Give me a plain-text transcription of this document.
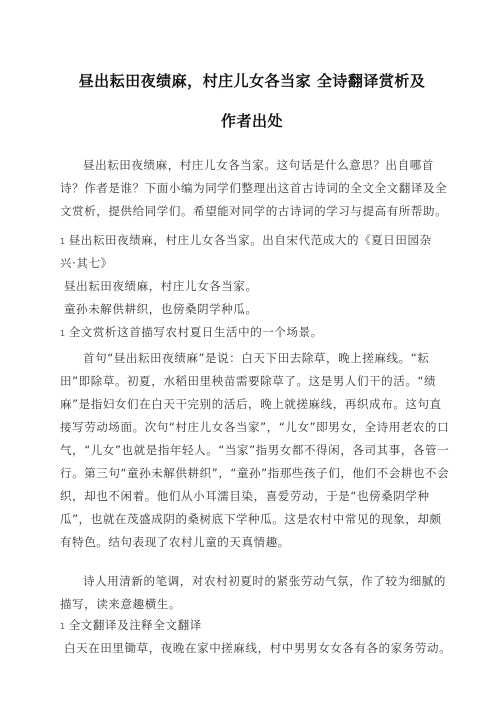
昼出耘田夜绩麻，村庄儿女各当家 全诗翻译赏析及
作者出处
昼出耘田夜绩麻，村庄儿女各当家。这句话是什么意思？出自哪首诗？作者是谁？下面小编为同学们整理出这首古诗词的全文全文翻译及全文赏析，提供给同学们。希望能对同学的古诗词的学习与提高有所帮助。
1 昼出耘田夜绩麻，村庄儿女各当家。出自宋代范成大的《夏日田园杂
兴·其七》
昼出耘田夜绩麻，村庄儿女各当家。
童孙未解供耕织，也傍桑阴学种瓜。
1 全文赏析这首描写农村夏日生活中的一个场景。
首句“昼出耘田夜绩麻”是说：白天下田去除草，晚上搓麻线。“耘田”即除草。初夏，水稻田里秧苗需要除草了。这是男人们干的活。“绩麻”是指妇女们在白天干完别的活后，晚上就搓麻线，再织成布。这句直接写劳动场面。次句“村庄儿女各当家”，“儿女”即男女，全诗用老农的口气，“儿女”也就是指年轻人。“当家”指男女都不得闲，各司其事，各管一行。第三句“童孙未解供耕织”，“童孙”指那些孩子们，他们不会耕也不会织，却也不闲着。他们从小耳濡目染，喜爱劳动，于是“也傍桑阴学种瓜”，也就在茂盛成阴的桑树底下学种瓜。这是农村中常见的现象，却颇有特色。结句表现了农村儿童的天真情趣。
诗人用清新的笔调，对农村初夏时的紧张劳动气氛，作了较为细腻的描写，读来意趣横生。
1 全文翻译及注释全文翻译
白天在田里锄草，夜晚在家中搓麻线，村中男男女女各有各的家务劳动。
